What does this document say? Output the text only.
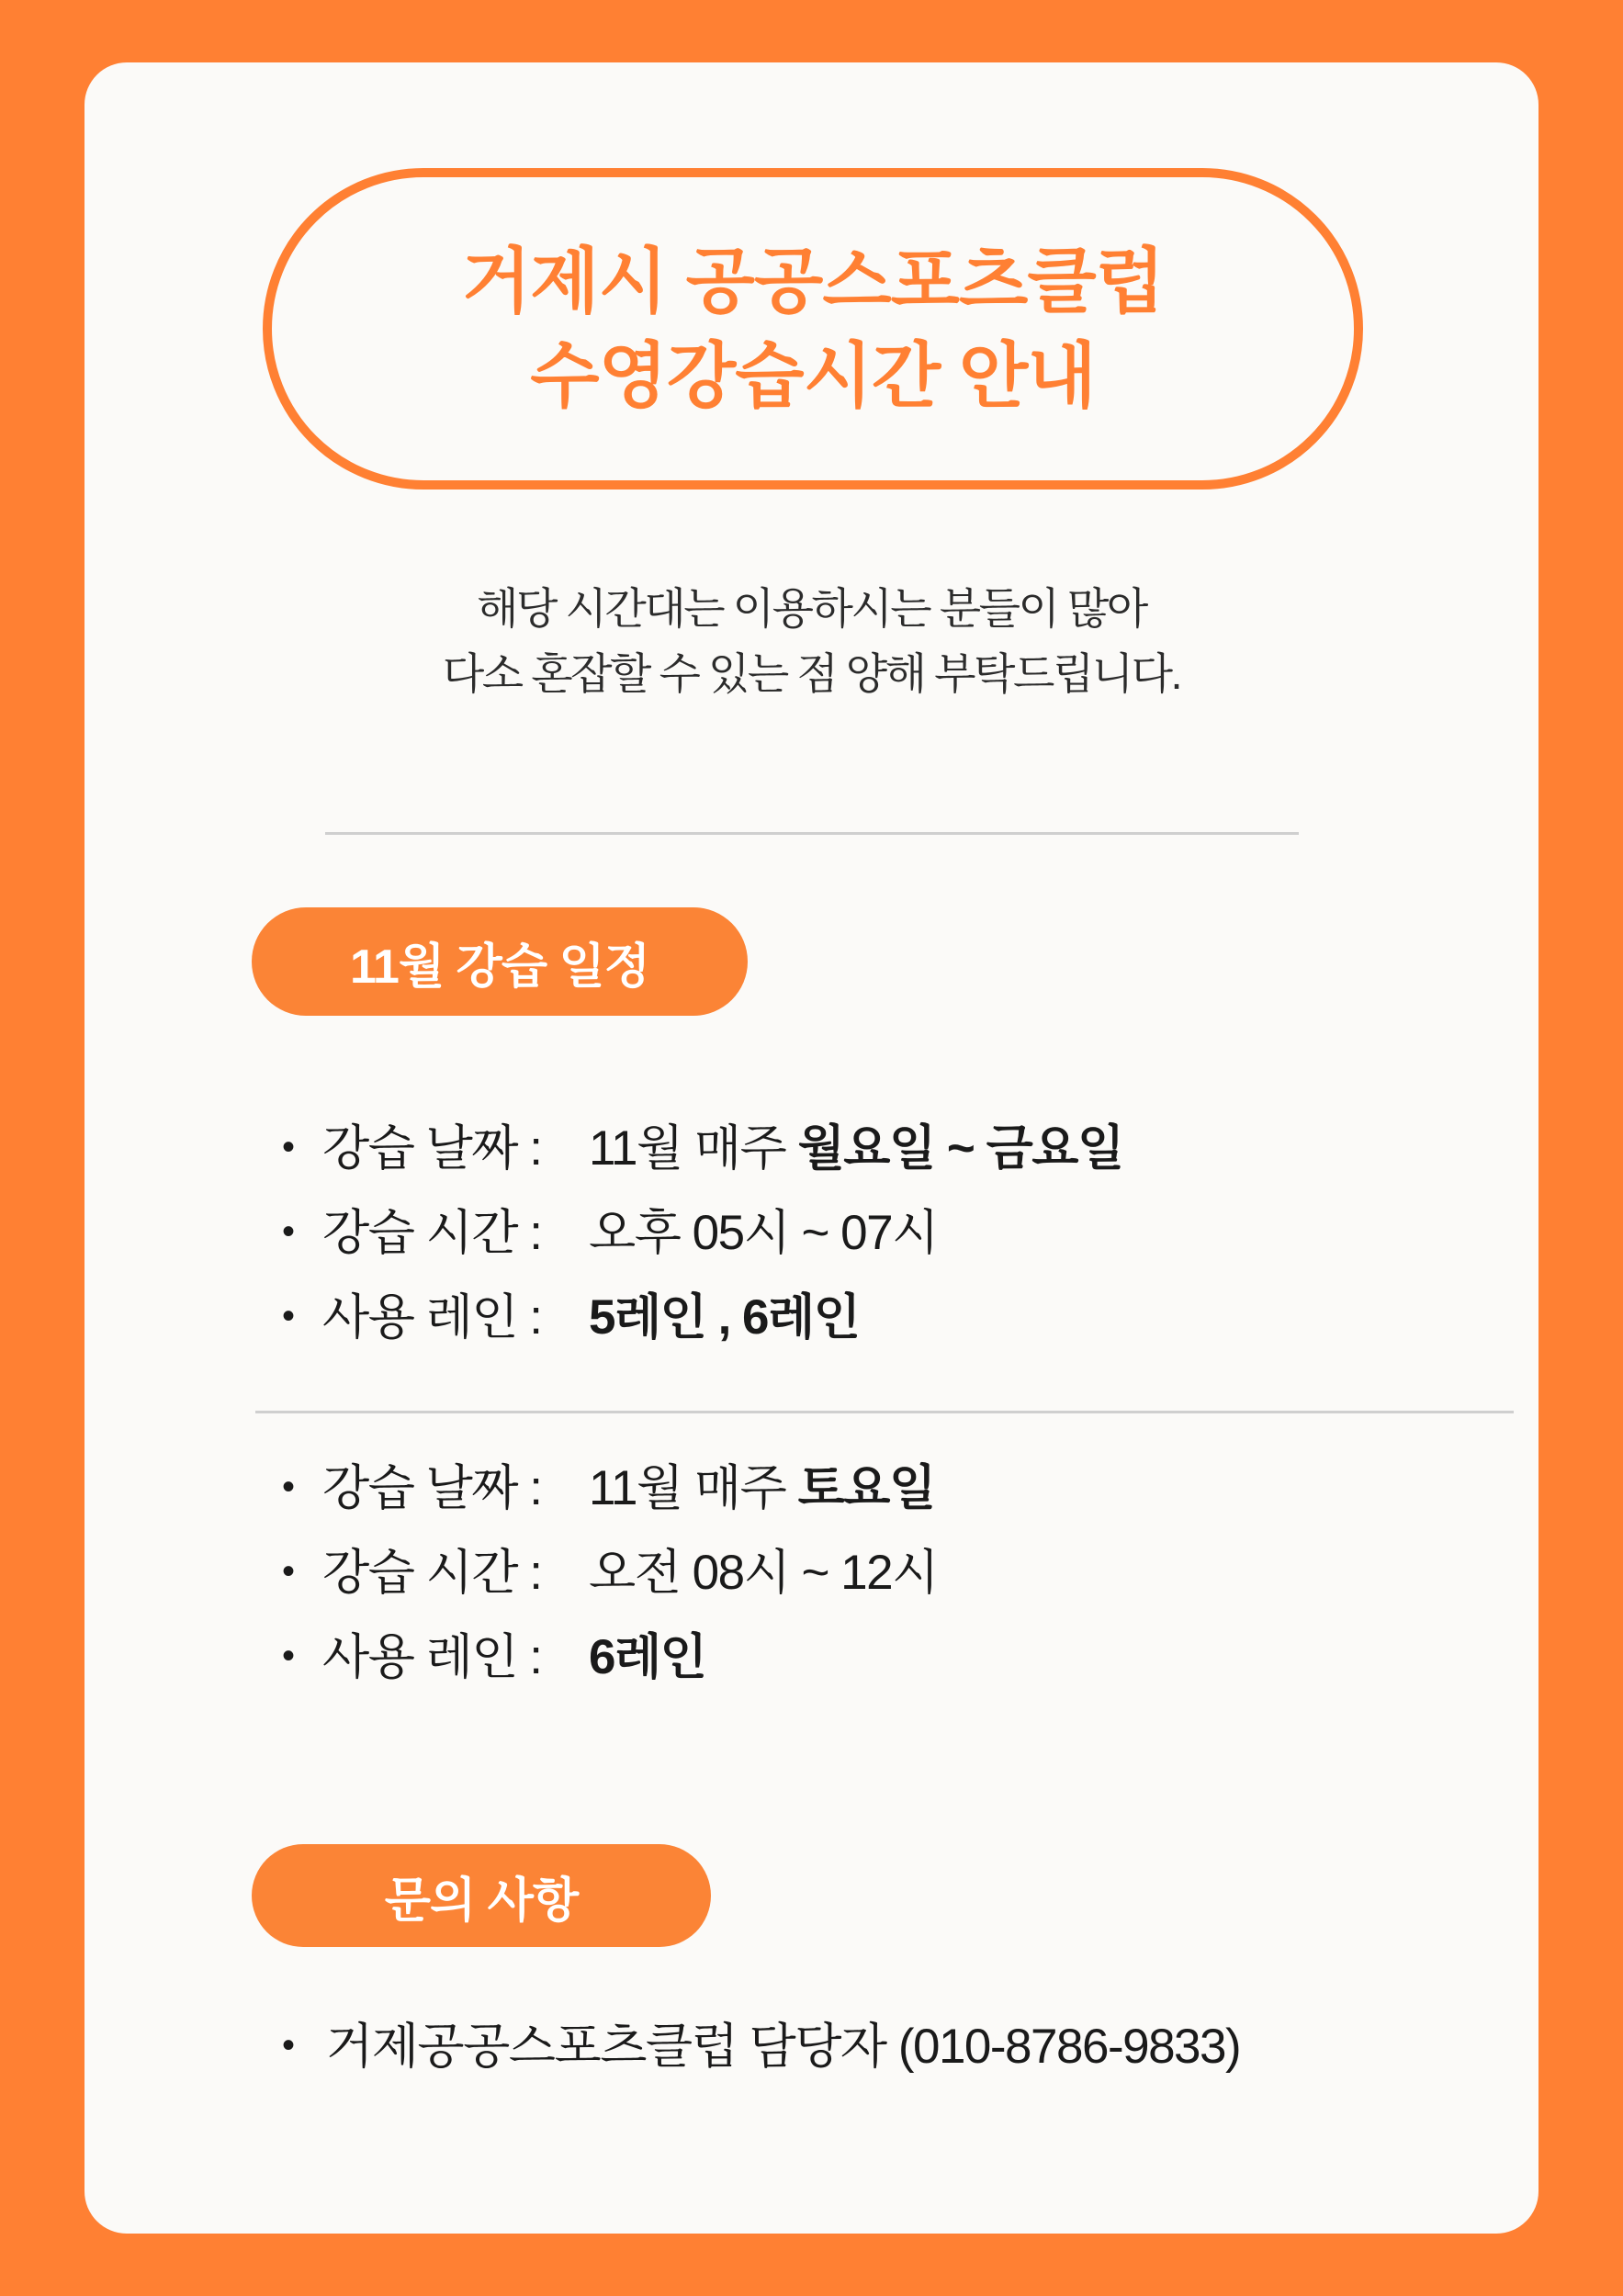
거제시 공공스포츠클럽
수영강습시간 안내
해당 시간대는 이용하시는 분들이 많아
다소 혼잡할 수 있는 점 양해 부탁드립니다.
11월 강습 일정
•
강습 날짜 : 11월 매주 월요일 ~ 금요일
•
강습 시간 : 오후 05시 ~ 07시
•
사용 레인 : 5레인 , 6레인
•
강습 날짜 : 11월 매주 토요일
•
강습 시간 : 오전 08시 ~ 12시
•
사용 레인 : 6레인
문의 사항
•
거제공공스포츠클럽 담당자 (010-8786-9833)
